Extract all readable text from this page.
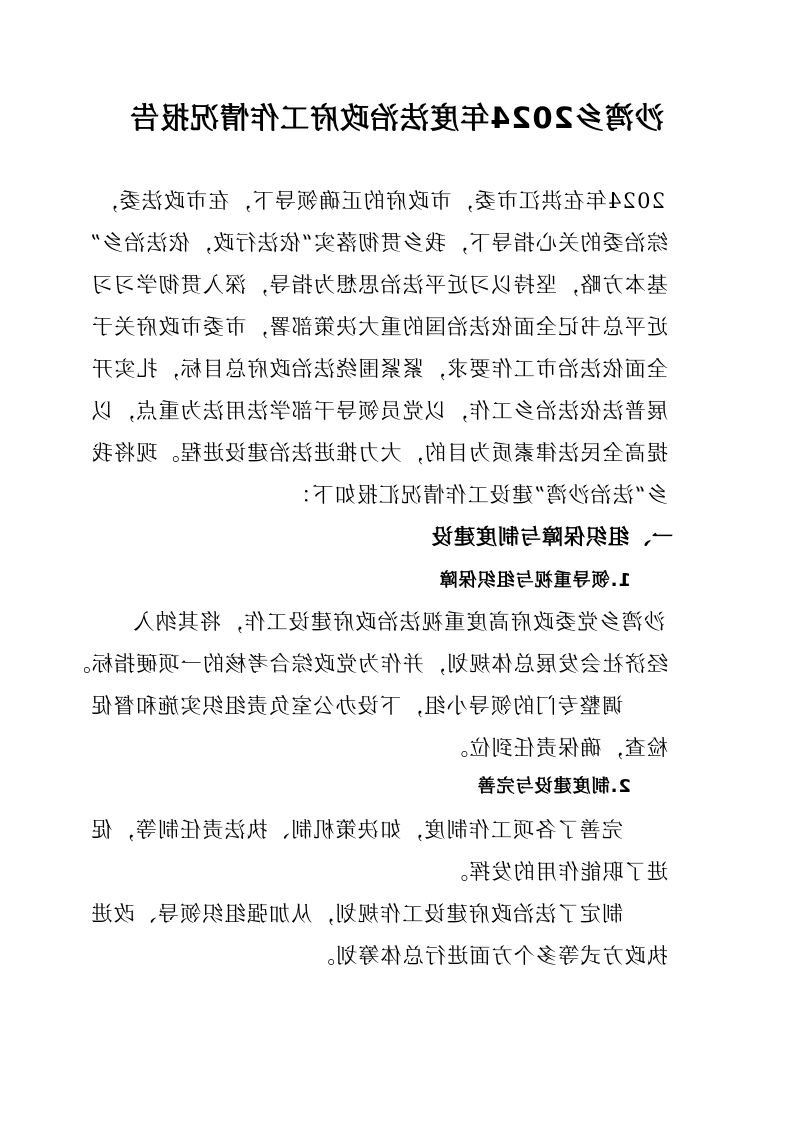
沙湾乡2024年度法治政府工作情况报告
2024年在洪江市委，市政府的正确领导下，在市政法委，
综治委的关心指导下，我乡贯彻落实“依法行政，依法治乡”
基本方略，坚持以习近平法治思想为指导，深入贯彻学习习
近平总书记全面依法治国的重大决策部署，市委市政府关于
全面依法治市工作要求，紧紧围绕法治政府总目标，扎实开
展普法依法治乡工作，以党员领导干部学法用法为重点，以
提高全民法律素质为目的，大力推进法治建设进程。现将我
乡“法治沙湾”建设工作情况汇报如下：
一、组织保障与制度建设
1.领导重视与组织保障
沙湾乡党委政府高度重视法治政府建设工作，将其纳入
经济社会发展总体规划，并作为党政综合考核的一项硬指标。
调整专门的领导小组，下设办公室负责组织实施和督促
检查，确保责任到位。
2.制度建设与完善
完善了各项工作制度，如决策机制、执法责任制等，促
进了职能作用的发挥。
制定了法治政府建设工作规划，从加强组织领导、改进
执政方式等多个方面进行总体筹划。
